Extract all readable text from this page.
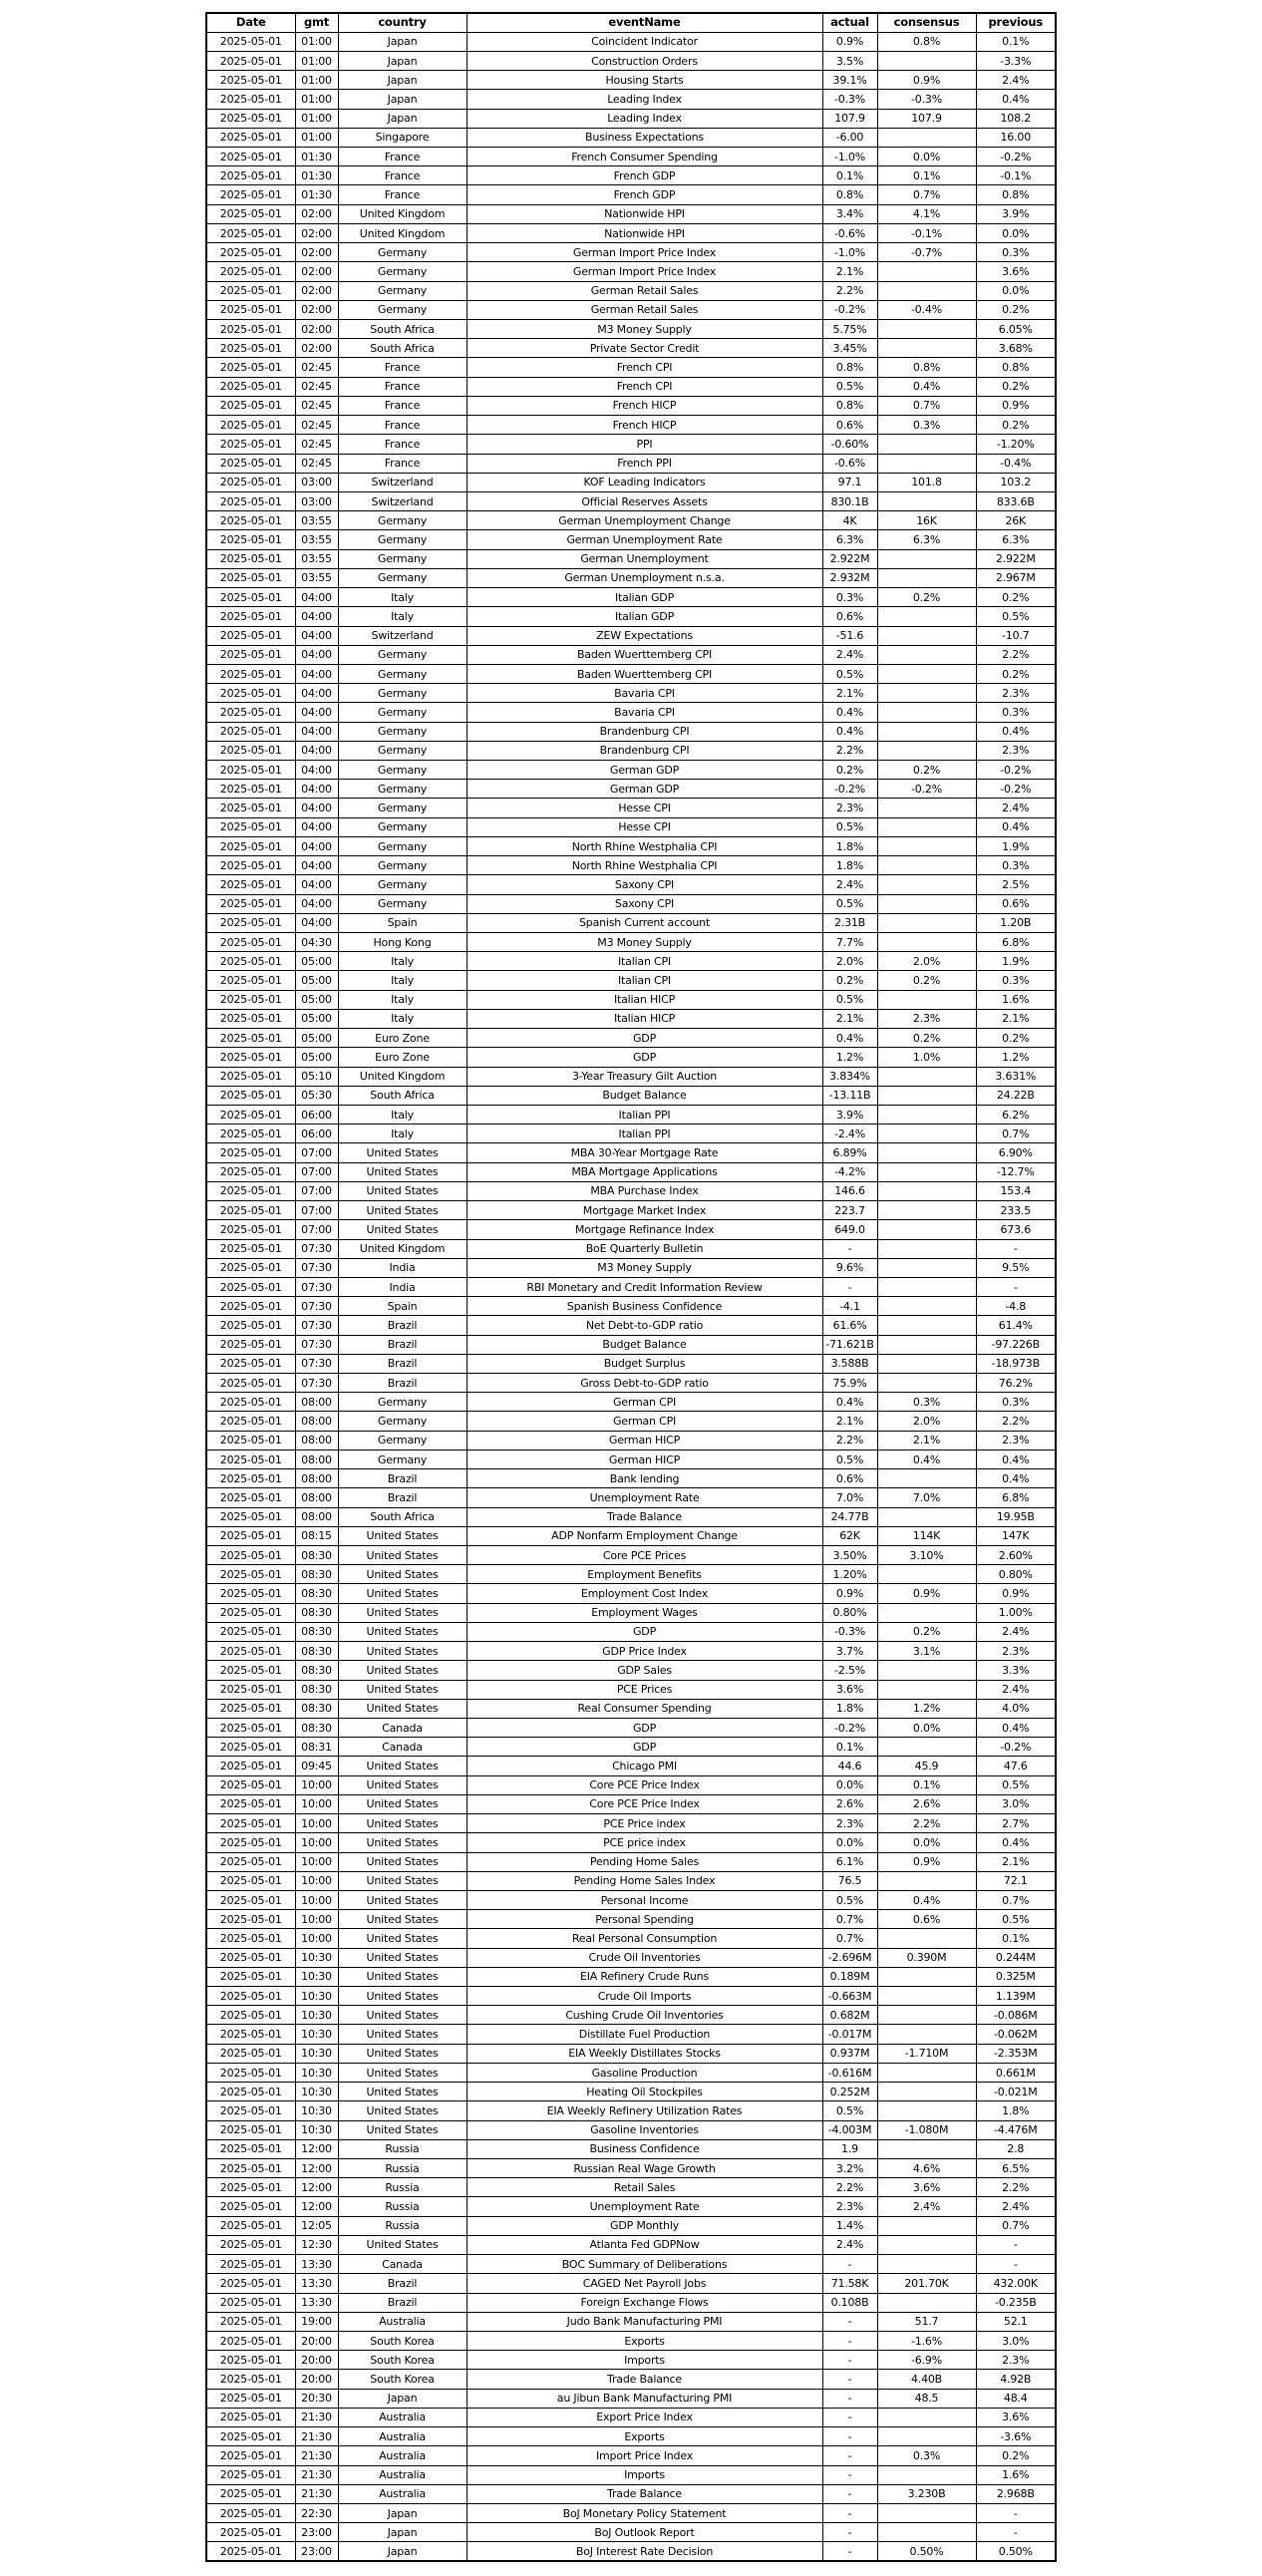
Date	gmt	country	eventName	actual	consensus	previous
2025-05-01	01:00	Japan	Coincident Indicator	0.9%	0.8%	0.1%
2025-05-01	01:00	Japan	Construction Orders	3.5%		-3.3%
2025-05-01	01:00	Japan	Housing Starts	39.1%	0.9%	2.4%
2025-05-01	01:00	Japan	Leading Index	-0.3%	-0.3%	0.4%
2025-05-01	01:00	Japan	Leading Index	107.9	107.9	108.2
2025-05-01	01:00	Singapore	Business Expectations	-6.00		16.00
2025-05-01	01:30	France	French Consumer Spending	-1.0%	0.0%	-0.2%
2025-05-01	01:30	France	French GDP	0.1%	0.1%	-0.1%
2025-05-01	01:30	France	French GDP	0.8%	0.7%	0.8%
2025-05-01	02:00	United Kingdom	Nationwide HPI	3.4%	4.1%	3.9%
2025-05-01	02:00	United Kingdom	Nationwide HPI	-0.6%	-0.1%	0.0%
2025-05-01	02:00	Germany	German Import Price Index	-1.0%	-0.7%	0.3%
2025-05-01	02:00	Germany	German Import Price Index	2.1%		3.6%
2025-05-01	02:00	Germany	German Retail Sales	2.2%		0.0%
2025-05-01	02:00	Germany	German Retail Sales	-0.2%	-0.4%	0.2%
2025-05-01	02:00	South Africa	M3 Money Supply	5.75%		6.05%
2025-05-01	02:00	South Africa	Private Sector Credit	3.45%		3.68%
2025-05-01	02:45	France	French CPI	0.8%	0.8%	0.8%
2025-05-01	02:45	France	French CPI	0.5%	0.4%	0.2%
2025-05-01	02:45	France	French HICP	0.8%	0.7%	0.9%
2025-05-01	02:45	France	French HICP	0.6%	0.3%	0.2%
2025-05-01	02:45	France	PPI	-0.60%		-1.20%
2025-05-01	02:45	France	French PPI	-0.6%		-0.4%
2025-05-01	03:00	Switzerland	KOF Leading Indicators	97.1	101.8	103.2
2025-05-01	03:00	Switzerland	Official Reserves Assets	830.1B		833.6B
2025-05-01	03:55	Germany	German Unemployment Change	4K	16K	26K
2025-05-01	03:55	Germany	German Unemployment Rate	6.3%	6.3%	6.3%
2025-05-01	03:55	Germany	German Unemployment	2.922M		2.922M
2025-05-01	03:55	Germany	German Unemployment n.s.a.	2.932M		2.967M
2025-05-01	04:00	Italy	Italian GDP	0.3%	0.2%	0.2%
2025-05-01	04:00	Italy	Italian GDP	0.6%		0.5%
2025-05-01	04:00	Switzerland	ZEW Expectations	-51.6		-10.7
2025-05-01	04:00	Germany	Baden Wuerttemberg CPI	2.4%		2.2%
2025-05-01	04:00	Germany	Baden Wuerttemberg CPI	0.5%		0.2%
2025-05-01	04:00	Germany	Bavaria CPI	2.1%		2.3%
2025-05-01	04:00	Germany	Bavaria CPI	0.4%		0.3%
2025-05-01	04:00	Germany	Brandenburg CPI	0.4%		0.4%
2025-05-01	04:00	Germany	Brandenburg CPI	2.2%		2.3%
2025-05-01	04:00	Germany	German GDP	0.2%	0.2%	-0.2%
2025-05-01	04:00	Germany	German GDP	-0.2%	-0.2%	-0.2%
2025-05-01	04:00	Germany	Hesse CPI	2.3%		2.4%
2025-05-01	04:00	Germany	Hesse CPI	0.5%		0.4%
2025-05-01	04:00	Germany	North Rhine Westphalia CPI	1.8%		1.9%
2025-05-01	04:00	Germany	North Rhine Westphalia CPI	1.8%		0.3%
2025-05-01	04:00	Germany	Saxony CPI	2.4%		2.5%
2025-05-01	04:00	Germany	Saxony CPI	0.5%		0.6%
2025-05-01	04:00	Spain	Spanish Current account	2.31B		1.20B
2025-05-01	04:30	Hong Kong	M3 Money Supply	7.7%		6.8%
2025-05-01	05:00	Italy	Italian CPI	2.0%	2.0%	1.9%
2025-05-01	05:00	Italy	Italian CPI	0.2%	0.2%	0.3%
2025-05-01	05:00	Italy	Italian HICP	0.5%		1.6%
2025-05-01	05:00	Italy	Italian HICP	2.1%	2.3%	2.1%
2025-05-01	05:00	Euro Zone	GDP	0.4%	0.2%	0.2%
2025-05-01	05:00	Euro Zone	GDP	1.2%	1.0%	1.2%
2025-05-01	05:10	United Kingdom	3-Year Treasury Gilt Auction	3.834%		3.631%
2025-05-01	05:30	South Africa	Budget Balance	-13.11B		24.22B
2025-05-01	06:00	Italy	Italian PPI	3.9%		6.2%
2025-05-01	06:00	Italy	Italian PPI	-2.4%		0.7%
2025-05-01	07:00	United States	MBA 30-Year Mortgage Rate	6.89%		6.90%
2025-05-01	07:00	United States	MBA Mortgage Applications	-4.2%		-12.7%
2025-05-01	07:00	United States	MBA Purchase Index	146.6		153.4
2025-05-01	07:00	United States	Mortgage Market Index	223.7		233.5
2025-05-01	07:00	United States	Mortgage Refinance Index	649.0		673.6
2025-05-01	07:30	United Kingdom	BoE Quarterly Bulletin	-		-
2025-05-01	07:30	India	M3 Money Supply	9.6%		9.5%
2025-05-01	07:30	India	RBI Monetary and Credit Information Review	-		-
2025-05-01	07:30	Spain	Spanish Business Confidence	-4.1		-4.8
2025-05-01	07:30	Brazil	Net Debt-to-GDP ratio	61.6%		61.4%
2025-05-01	07:30	Brazil	Budget Balance	-71.621B		-97.226B
2025-05-01	07:30	Brazil	Budget Surplus	3.588B		-18.973B
2025-05-01	07:30	Brazil	Gross Debt-to-GDP ratio	75.9%		76.2%
2025-05-01	08:00	Germany	German CPI	0.4%	0.3%	0.3%
2025-05-01	08:00	Germany	German CPI	2.1%	2.0%	2.2%
2025-05-01	08:00	Germany	German HICP	2.2%	2.1%	2.3%
2025-05-01	08:00	Germany	German HICP	0.5%	0.4%	0.4%
2025-05-01	08:00	Brazil	Bank lending	0.6%		0.4%
2025-05-01	08:00	Brazil	Unemployment Rate	7.0%	7.0%	6.8%
2025-05-01	08:00	South Africa	Trade Balance	24.77B		19.95B
2025-05-01	08:15	United States	ADP Nonfarm Employment Change	62K	114K	147K
2025-05-01	08:30	United States	Core PCE Prices	3.50%	3.10%	2.60%
2025-05-01	08:30	United States	Employment Benefits	1.20%		0.80%
2025-05-01	08:30	United States	Employment Cost Index	0.9%	0.9%	0.9%
2025-05-01	08:30	United States	Employment Wages	0.80%		1.00%
2025-05-01	08:30	United States	GDP	-0.3%	0.2%	2.4%
2025-05-01	08:30	United States	GDP Price Index	3.7%	3.1%	2.3%
2025-05-01	08:30	United States	GDP Sales	-2.5%		3.3%
2025-05-01	08:30	United States	PCE Prices	3.6%		2.4%
2025-05-01	08:30	United States	Real Consumer Spending	1.8%	1.2%	4.0%
2025-05-01	08:30	Canada	GDP	-0.2%	0.0%	0.4%
2025-05-01	08:31	Canada	GDP	0.1%		-0.2%
2025-05-01	09:45	United States	Chicago PMI	44.6	45.9	47.6
2025-05-01	10:00	United States	Core PCE Price Index	0.0%	0.1%	0.5%
2025-05-01	10:00	United States	Core PCE Price Index	2.6%	2.6%	3.0%
2025-05-01	10:00	United States	PCE Price index	2.3%	2.2%	2.7%
2025-05-01	10:00	United States	PCE price index	0.0%	0.0%	0.4%
2025-05-01	10:00	United States	Pending Home Sales	6.1%	0.9%	2.1%
2025-05-01	10:00	United States	Pending Home Sales Index	76.5		72.1
2025-05-01	10:00	United States	Personal Income	0.5%	0.4%	0.7%
2025-05-01	10:00	United States	Personal Spending	0.7%	0.6%	0.5%
2025-05-01	10:00	United States	Real Personal Consumption	0.7%		0.1%
2025-05-01	10:30	United States	Crude Oil Inventories	-2.696M	0.390M	0.244M
2025-05-01	10:30	United States	EIA Refinery Crude Runs	0.189M		0.325M
2025-05-01	10:30	United States	Crude Oil Imports	-0.663M		1.139M
2025-05-01	10:30	United States	Cushing Crude Oil Inventories	0.682M		-0.086M
2025-05-01	10:30	United States	Distillate Fuel Production	-0.017M		-0.062M
2025-05-01	10:30	United States	EIA Weekly Distillates Stocks	0.937M	-1.710M	-2.353M
2025-05-01	10:30	United States	Gasoline Production	-0.616M		0.661M
2025-05-01	10:30	United States	Heating Oil Stockpiles	0.252M		-0.021M
2025-05-01	10:30	United States	EIA Weekly Refinery Utilization Rates	0.5%		1.8%
2025-05-01	10:30	United States	Gasoline Inventories	-4.003M	-1.080M	-4.476M
2025-05-01	12:00	Russia	Business Confidence	1.9		2.8
2025-05-01	12:00	Russia	Russian Real Wage Growth	3.2%	4.6%	6.5%
2025-05-01	12:00	Russia	Retail Sales	2.2%	3.6%	2.2%
2025-05-01	12:00	Russia	Unemployment Rate	2.3%	2.4%	2.4%
2025-05-01	12:05	Russia	GDP Monthly	1.4%		0.7%
2025-05-01	12:30	United States	Atlanta Fed GDPNow	2.4%		-
2025-05-01	13:30	Canada	BOC Summary of Deliberations	-		-
2025-05-01	13:30	Brazil	CAGED Net Payroll Jobs	71.58K	201.70K	432.00K
2025-05-01	13:30	Brazil	Foreign Exchange Flows	0.108B		-0.235B
2025-05-01	19:00	Australia	Judo Bank Manufacturing PMI	-	51.7	52.1
2025-05-01	20:00	South Korea	Exports	-	-1.6%	3.0%
2025-05-01	20:00	South Korea	Imports	-	-6.9%	2.3%
2025-05-01	20:00	South Korea	Trade Balance	-	4.40B	4.92B
2025-05-01	20:30	Japan	au Jibun Bank Manufacturing PMI	-	48.5	48.4
2025-05-01	21:30	Australia	Export Price Index	-		3.6%
2025-05-01	21:30	Australia	Exports	-		-3.6%
2025-05-01	21:30	Australia	Import Price Index	-	0.3%	0.2%
2025-05-01	21:30	Australia	Imports	-		1.6%
2025-05-01	21:30	Australia	Trade Balance	-	3.230B	2.968B
2025-05-01	22:30	Japan	BoJ Monetary Policy Statement	-		-
2025-05-01	23:00	Japan	BoJ Outlook Report	-		-
2025-05-01	23:00	Japan	BoJ Interest Rate Decision	-	0.50%	0.50%
